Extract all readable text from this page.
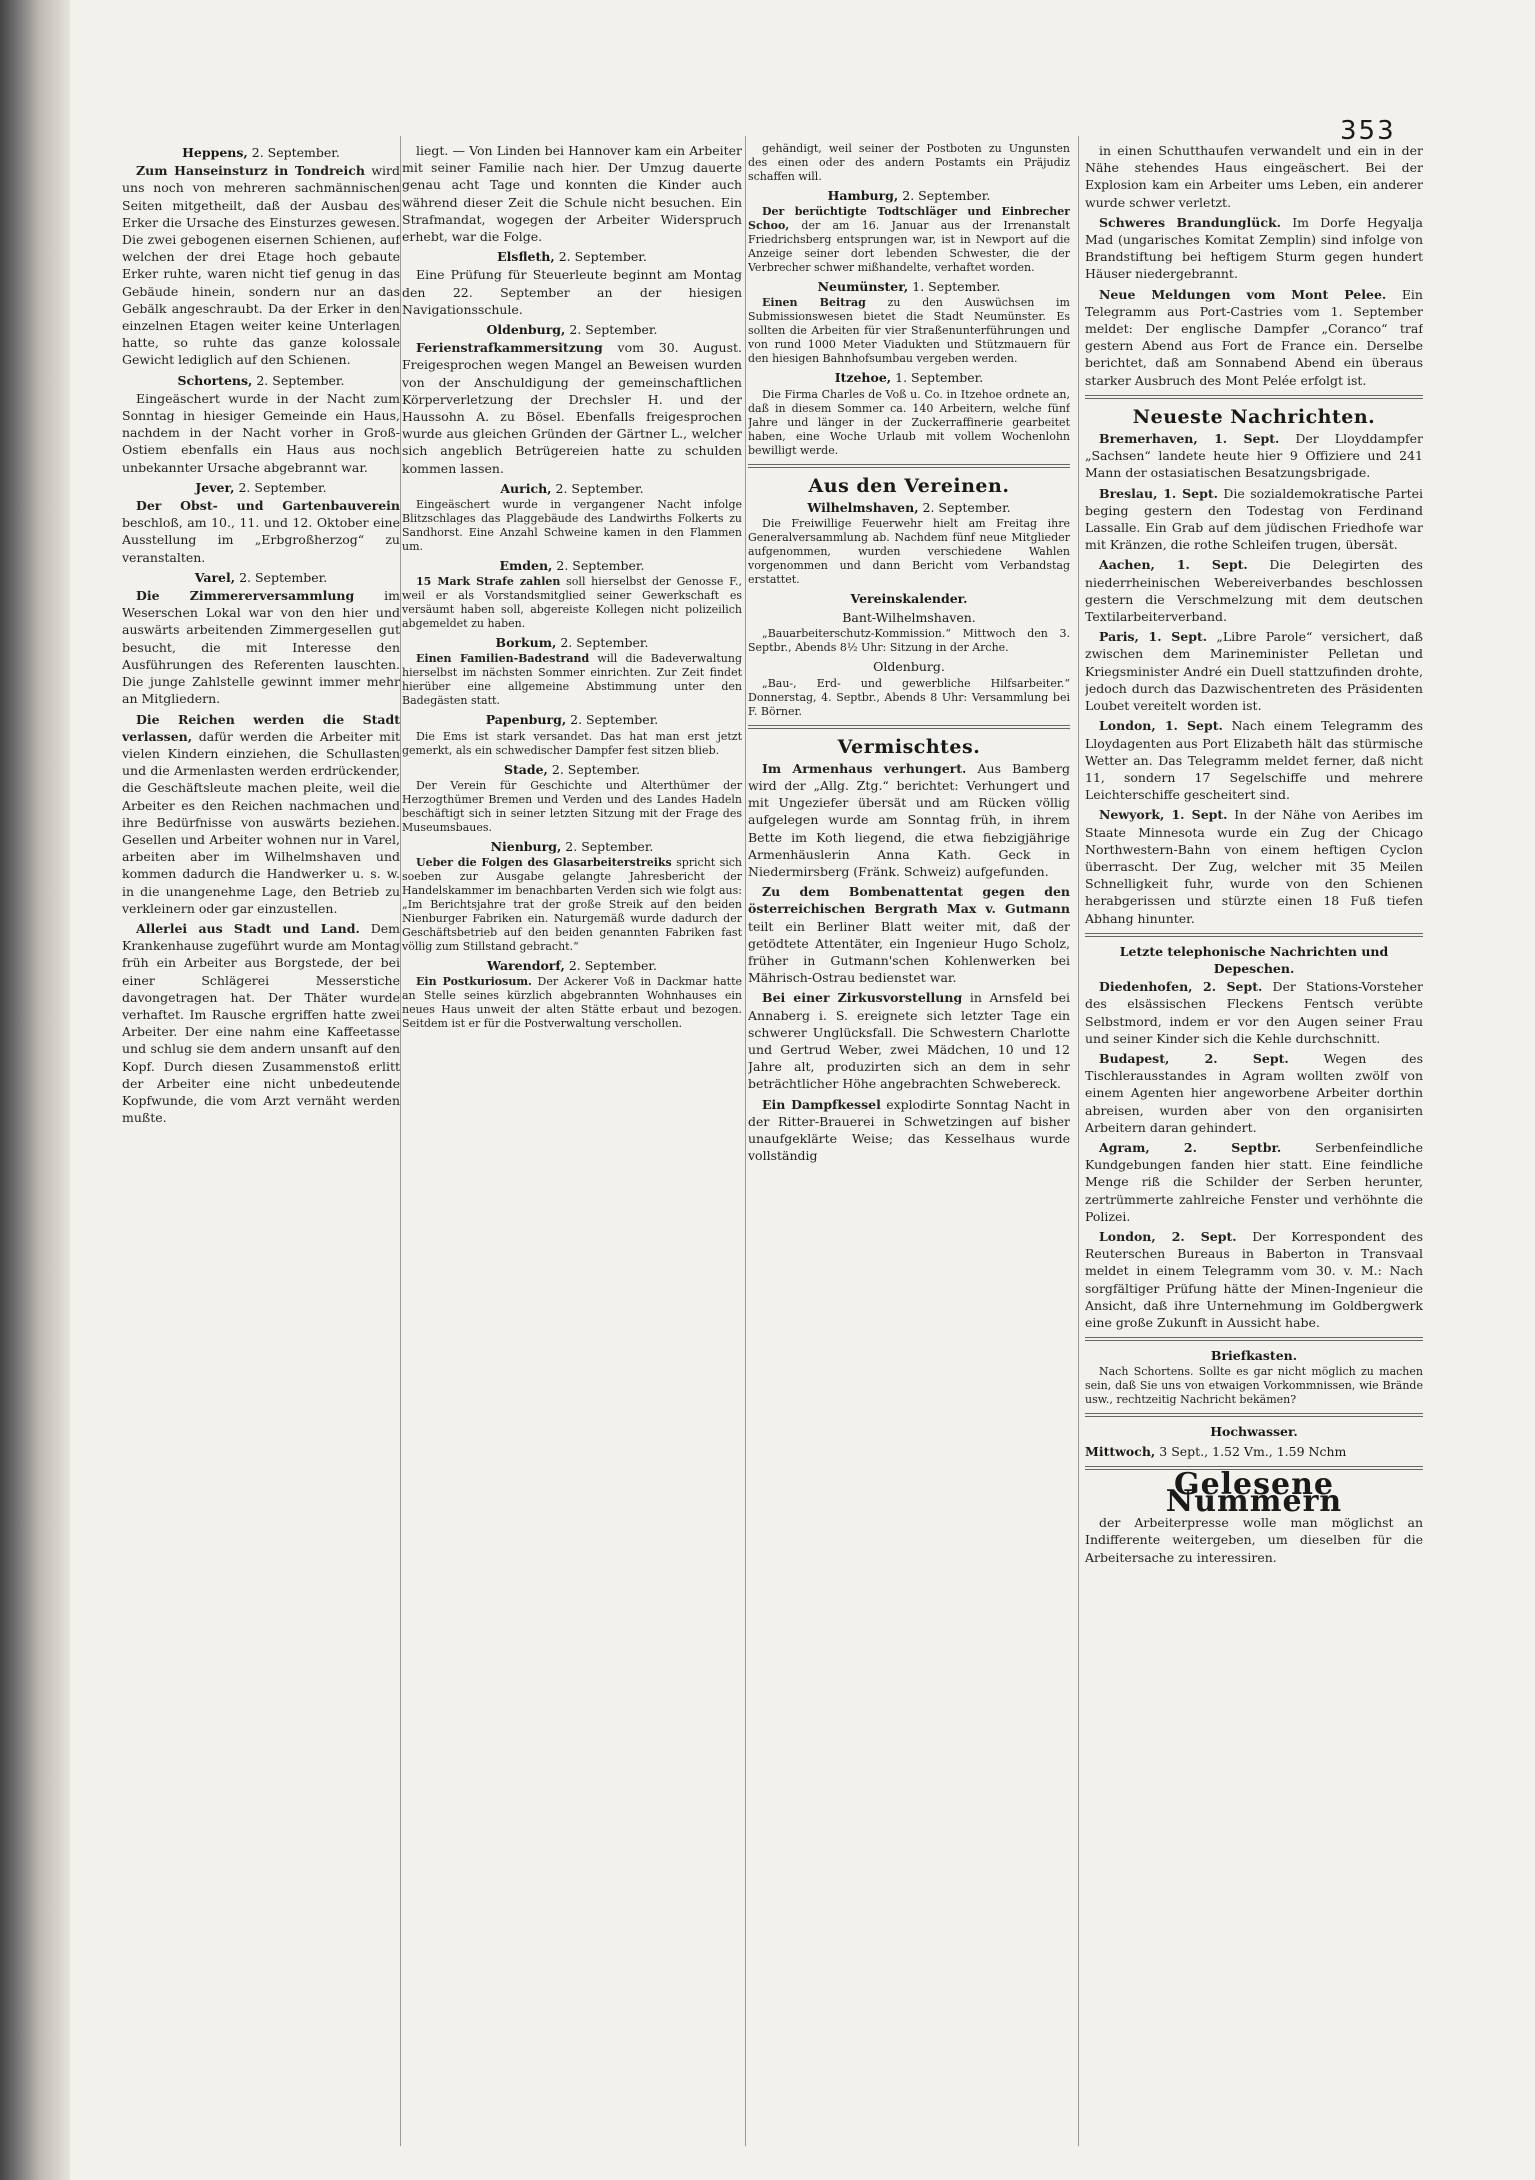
353
Heppens, 2. September.

Zum Hanseinsturz in Tondreich wird uns noch von mehreren sachmännischen Seiten mitgetheilt, daß der Ausbau des Erker die Ursache des Einsturzes gewesen. Die zwei gebogenen eisernen Schienen, auf welchen der drei Etage hoch gebaute Erker ruhte, waren nicht tief genug in das Gebäude hinein, sondern nur an das Gebälk angeschraubt. Da der Erker in den einzelnen Etagen weiter keine Unterlagen hatte, so ruhte das ganze kolossale Gewicht lediglich auf den Schienen.

Schortens, 2. September.

Eingeäschert wurde in der Nacht zum Sonntag in hiesiger Gemeinde ein Haus, nachdem in der Nacht vorher in Groß-Ostiem ebenfalls ein Haus aus noch unbekannter Ursache abgebrannt war.

Jever, 2. September.

Der Obst- und Gartenbauverein beschloß, am 10., 11. und 12. Oktober eine Ausstellung im „Erbgroßherzog“ zu veranstalten.

Varel, 2. September.

Die Zimmererversammlung im Weserschen Lokal war von den hier und auswärts arbeitenden Zimmergesellen gut besucht, die mit Interesse den Ausführungen des Referenten lauschten. Die junge Zahlstelle gewinnt immer mehr an Mitgliedern.

Die Reichen werden die Stadt verlassen, dafür werden die Arbeiter mit vielen Kindern einziehen, die Schullasten und die Armenlasten werden erdrückender, die Geschäftsleute machen pleite, weil die Arbeiter es den Reichen nachmachen und ihre Bedürfnisse von auswärts beziehen. Gesellen und Arbeiter wohnen nur in Varel, arbeiten aber im Wilhelmshaven und kommen dadurch die Handwerker u. s. w. in die unangenehme Lage, den Betrieb zu verkleinern oder gar einzustellen.

Allerlei aus Stadt und Land. Dem Krankenhause zugeführt wurde am Montag früh ein Arbeiter aus Borgstede, der bei einer Schlägerei Messerstiche davongetragen hat. Der Thäter wurde verhaftet. Im Rausche ergriffen hatte zwei Arbeiter. Der eine nahm eine Kaffeetasse und schlug sie dem andern unsanft auf den Kopf. Durch diesen Zusammenstoß erlitt der Arbeiter eine nicht unbedeutende Kopfwunde, die vom Arzt vernäht werden mußte.

liegt. — Von Linden bei Hannover kam ein Arbeiter mit seiner Familie nach hier. Der Umzug dauerte genau acht Tage und konnten die Kinder auch während dieser Zeit die Schule nicht besuchen. Ein Strafmandat, wogegen der Arbeiter Widerspruch erhebt, war die Folge.

Elsfleth, 2. September.

Eine Prüfung für Steuerleute beginnt am Montag den 22. September an der hiesigen Navigationsschule.

Oldenburg, 2. September.

Ferienstrafkammersitzung vom 30. August. Freigesprochen wegen Mangel an Beweisen wurden von der Anschuldigung der gemeinschaftlichen Körperverletzung der Drechsler H. und der Haussohn A. zu Bösel. Ebenfalls freigesprochen wurde aus gleichen Gründen der Gärtner L., welcher sich angeblich Betrügereien hatte zu schulden kommen lassen.

Aurich, 2. September.

Eingeäschert wurde in vergangener Nacht infolge Blitzschlages das Plaggebäude des Landwirths Folkerts zu Sandhorst. Eine Anzahl Schweine kamen in den Flammen um.

Emden, 2. September.

15 Mark Strafe zahlen soll hierselbst der Genosse F., weil er als Vorstandsmitglied seiner Gewerkschaft es versäumt haben soll, abgereiste Kollegen nicht polizeilich abgemeldet zu haben.

Borkum, 2. September.

Einen Familien-Badestrand will die Badeverwaltung hierselbst im nächsten Sommer einrichten. Zur Zeit findet hierüber eine allgemeine Abstimmung unter den Badegästen statt.

Papenburg, 2. September.

Die Ems ist stark versandet. Das hat man erst jetzt gemerkt, als ein schwedischer Dampfer fest sitzen blieb.

Stade, 2. September.

Der Verein für Geschichte und Alterthümer der Herzogthümer Bremen und Verden und des Landes Hadeln beschäftigt sich in seiner letzten Sitzung mit der Frage des Museumsbaues.

Nienburg, 2. September.

Ueber die Folgen des Glasarbeiterstreiks spricht sich soeben zur Ausgabe gelangte Jahresbericht der Handelskammer im benachbarten Verden sich wie folgt aus: „Im Berichtsjahre trat der große Streik auf den beiden Nienburger Fabriken ein. Naturgemäß wurde dadurch der Geschäftsbetrieb auf den beiden genannten Fabriken fast völlig zum Stillstand gebracht.“

Warendorf, 2. September.

Ein Postkuriosum. Der Ackerer Voß in Dackmar hatte an Stelle seines kürzlich abgebrannten Wohnhauses ein neues Haus unweit der alten Stätte erbaut und bezogen. Seitdem ist er für die Postverwaltung verschollen.

gehändigt, weil seiner der Postboten zu Ungunsten des einen oder des andern Postamts ein Präjudiz schaffen will.

Hamburg, 2. September.

Der berüchtigte Todtschläger und Einbrecher Schoo, der am 16. Januar aus der Irrenanstalt Friedrichsberg entsprungen war, ist in Newport auf die Anzeige seiner dort lebenden Schwester, die der Verbrecher schwer mißhandelte, verhaftet worden.

Neumünster, 1. September.

Einen Beitrag zu den Auswüchsen im Submissionswesen bietet die Stadt Neumünster. Es sollten die Arbeiten für vier Straßenunterführungen und von rund 1000 Meter Viadukten und Stützmauern für den hiesigen Bahnhofsumbau vergeben werden.

Itzehoe, 1. September.

Die Firma Charles de Voß u. Co. in Itzehoe ordnete an, daß in diesem Sommer ca. 140 Arbeitern, welche fünf Jahre und länger in der Zuckerraffinerie gearbeitet haben, eine Woche Urlaub mit vollem Wochenlohn bewilligt werde.

Aus den Vereinen.
Wilhelmshaven, 2. September.

Die Freiwillige Feuerwehr hielt am Freitag ihre Generalversammlung ab. Nachdem fünf neue Mitglieder aufgenommen, wurden verschiedene Wahlen vorgenommen und dann Bericht vom Verbandstag erstattet.

Vereinskalender.
Bant-Wilhelmshaven.

„Bauarbeiterschutz-Kommission.“ Mittwoch den 3. Septbr., Abends 8½ Uhr: Sitzung in der Arche.

Oldenburg.

„Bau-, Erd- und gewerbliche Hilfsarbeiter.“ Donnerstag, 4. Septbr., Abends 8 Uhr: Versammlung bei F. Börner.

Vermischtes.

Im Armenhaus verhungert. Aus Bamberg wird der „Allg. Ztg.“ berichtet: Verhungert und mit Ungeziefer übersät und am Rücken völlig aufgelegen wurde am Sonntag früh, in ihrem Bette im Koth liegend, die etwa fiebzigjährige Armenhäuslerin Anna Kath. Geck in Niedermirsberg (Fränk. Schweiz) aufgefunden.

Zu dem Bombenattentat gegen den österreichischen Bergrath Max v. Gutmann teilt ein Berliner Blatt weiter mit, daß der getödtete Attentäter, ein Ingenieur Hugo Scholz, früher in Gutmann'schen Kohlenwerken bei Mährisch-Ostrau bedienstet war.

Bei einer Zirkusvorstellung in Arnsfeld bei Annaberg i. S. ereignete sich letzter Tage ein schwerer Unglücksfall. Die Schwestern Charlotte und Gertrud Weber, zwei Mädchen, 10 und 12 Jahre alt, produzirten sich an dem in sehr beträchtlicher Höhe angebrachten Schwebereck.

Ein Dampfkessel explodirte Sonntag Nacht in der Ritter-Brauerei in Schwetzingen auf bisher unaufgeklärte Weise; das Kesselhaus wurde vollständig

in einen Schutthaufen verwandelt und ein in der Nähe stehendes Haus eingeäschert. Bei der Explosion kam ein Arbeiter ums Leben, ein anderer wurde schwer verletzt.

Schweres Brandunglück. Im Dorfe Hegyalja Mad (ungarisches Komitat Zemplin) sind infolge von Brandstiftung bei heftigem Sturm gegen hundert Häuser niedergebrannt.

Neue Meldungen vom Mont Pelee. Ein Telegramm aus Port-Castries vom 1. September meldet: Der englische Dampfer „Coranco“ traf gestern Abend aus Fort de France ein. Derselbe berichtet, daß am Sonnabend Abend ein überaus starker Ausbruch des Mont Pelée erfolgt ist.

Neueste Nachrichten.

Bremerhaven, 1. Sept. Der Lloyddampfer „Sachsen“ landete heute hier 9 Offiziere und 241 Mann der ostasiatischen Besatzungsbrigade.

Breslau, 1. Sept. Die sozialdemokratische Partei beging gestern den Todestag von Ferdinand Lassalle. Ein Grab auf dem jüdischen Friedhofe war mit Kränzen, die rothe Schleifen trugen, übersät.

Aachen, 1. Sept. Die Delegirten des niederrheinischen Webereiverbandes beschlossen gestern die Verschmelzung mit dem deutschen Textilarbeiterverband.

Paris, 1. Sept. „Libre Parole“ versichert, daß zwischen dem Marineminister Pelletan und Kriegsminister André ein Duell stattzufinden drohte, jedoch durch das Dazwischentreten des Präsidenten Loubet vereitelt worden ist.

London, 1. Sept. Nach einem Telegramm des Lloydagenten aus Port Elizabeth hält das stürmische Wetter an. Das Telegramm meldet ferner, daß nicht 11, sondern 17 Segelschiffe und mehrere Leichterschiffe gescheitert sind.

Newyork, 1. Sept. In der Nähe von Aeribes im Staate Minnesota wurde ein Zug der Chicago Northwestern-Bahn von einem heftigen Cyclon überrascht. Der Zug, welcher mit 35 Meilen Schnelligkeit fuhr, wurde von den Schienen herabgerissen und stürzte einen 18 Fuß tiefen Abhang hinunter.

Letzte telephonische Nachrichten und Depeschen.

Diedenhofen, 2. Sept. Der Stations-Vorsteher des elsässischen Fleckens Fentsch verübte Selbstmord, indem er vor den Augen seiner Frau und seiner Kinder sich die Kehle durchschnitt.

Budapest, 2. Sept.	Wegen des Tischlerausstandes in Agram wollten zwölf von einem Agenten hier angeworbene Arbeiter dorthin abreisen, wurden aber von den organisirten Arbeitern daran gehindert.

Agram, 2. Septbr.	Serbenfeindliche Kundgebungen fanden hier statt. Eine feindliche Menge riß die Schilder der Serben herunter, zertrümmerte zahlreiche Fenster und verhöhnte die Polizei.

London, 2. Sept. Der Korrespondent des Reuterschen Bureaus in Baberton in Transvaal meldet in einem Telegramm vom 30. v. M.: Nach sorgfältiger Prüfung hätte der Minen-Ingenieur die Ansicht, daß ihre Unternehmung im Goldbergwerk eine große Zukunft in Aussicht habe.

Briefkasten.

Nach Schortens. Sollte es gar nicht möglich zu machen sein, daß Sie uns von etwaigen Vorkommnissen, wie Brände usw., rechtzeitig Nachricht bekämen?

Hochwasser.
Mittwoch, 3 Sept., 1.52 Vm., 1.59 Nchm
Gelesene Nummern

der Arbeiterpresse wolle man möglichst an Indifferente weitergeben, um dieselben für die Arbeitersache zu interessiren.
